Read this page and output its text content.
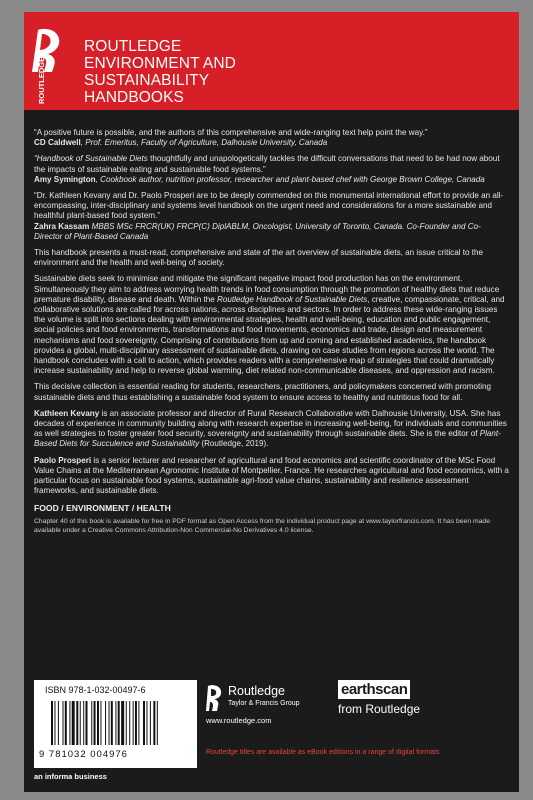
ROUTLEDGE
ROUTLEDGE
ENVIRONMENT AND
SUSTAINABILITY
HANDBOOKS
“A positive future is possible, and the authors of this comprehensive and wide-ranging text help point the way.”
CD Caldwell, Prof. Emeritus, Faculty of Agriculture, Dalhousie University, Canada
“Handbook of Sustainable Diets thoughtfully and unapologetically tackles the difficult conversations that need to be had now about the impacts of sustainable eating and sustainable food systems.”
Amy Symington, Cookbook author, nutrition professor, researcher and plant-based chef with George Brown College, Canada
“Dr. Kathleen Kevany and Dr. Paolo Prosperi are to be deeply commended on this monumental international effort to provide an all-encompassing, inter-disciplinary and systems level handbook on the urgent need and considerations for a more sustainable and healthful plant-based food system.”
Zahra Kassam MBBS MSc FRCR(UK) FRCP(C) DiplABLM, Oncologist, University of Toronto, Canada. Co-Founder and Co-Director of Plant-Based Canada
This handbook presents a must-read, comprehensive and state of the art overview of sustainable diets, an issue critical to the environment and the health and well-being of society.
Sustainable diets seek to minimise and mitigate the significant negative impact food production has on the environment. Simultaneously they aim to address worrying health trends in food consumption through the promotion of healthy diets that reduce premature disability, disease and death. Within the Routledge Handbook of Sustainable Diets, creative, compassionate, critical, and collaborative solutions are called for across nations, across disciplines and sectors. In order to address these wide-ranging issues the volume is split into sections dealing with environmental strategies, health and well-being, education and public engagement, social policies and food environments, transformations and food movements, economics and trade, design and measurement mechanisms and food sovereignty. Comprising of contributions from up and coming and established academics, the handbook provides a global, multi-disciplinary assessment of sustainable diets, drawing on case studies from regions across the world. The handbook concludes with a call to action, which provides readers with a comprehensive map of strategies that could dramatically increase sustainability and help to reverse global warming, diet related non-communicable diseases, and oppression and racism.
This decisive collection is essential reading for students, researchers, practitioners, and policymakers concerned with promoting sustainable diets and thus establishing a sustainable food system to ensure access to healthy and nutritious food for all.
Kathleen Kevany is an associate professor and director of Rural Research Collaborative with Dalhousie University, USA. She has decades of experience in community building along with research expertise in increasing well-being, for individuals and communities as well strategies to foster greater food security, sovereignty and sustainability through sustainable diets. She is the editor of Plant-Based Diets for Succulence and Sustainability (Routledge, 2019).
Paolo Prosperi is a senior lecturer and researcher of agricultural and food economics and scientific coordinator of the MSc Food Value Chains at the Mediterranean Agronomic Institute of Montpellier, France. He researches agricultural and food economics, with a particular focus on sustainable food systems, sustainable agri-food value chains, sustainability and resilience assessment frameworks, and sustainable diets.
FOOD / ENVIRONMENT / HEALTH
Chapter 40 of this book is available for free in PDF format as Open Access from the individual product page at www.taylorfrancis.com. It has been made available under a Creative Commons Attribution-Non Commercial-No Derivatives 4.0 license.
ISBN 978-1-032-00497-6
9 781032 004976
an informa business
Routledge
Taylor & Francis Group
www.routledge.com
earthscan
from Routledge
Routledge titles are available as eBook editions in a range of digital formats
